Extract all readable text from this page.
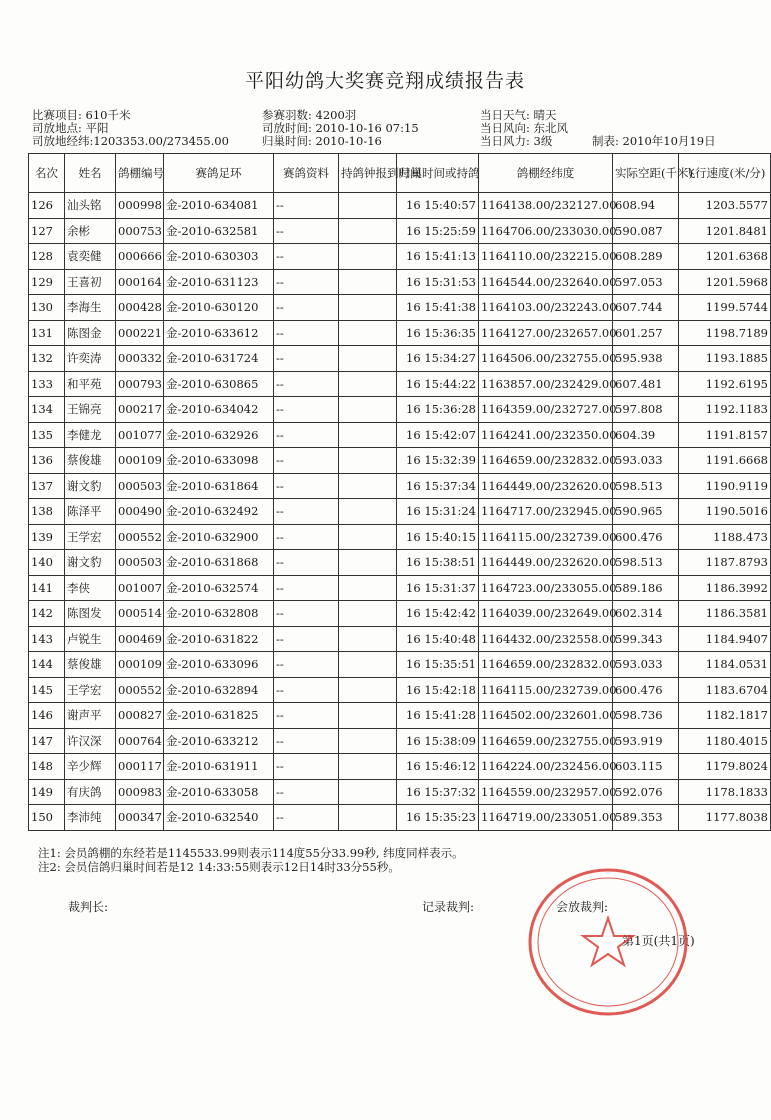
平阳幼鸽大奖赛竞翔成绩报告表
比赛项目: 610千米
司放地点: 平阳
司放地经纬:1203353.00/273455.00
参赛羽数: 4200羽
司放时间: 2010-10-16 07:15
归巢时间: 2010-10-16
当日天气: 晴天
当日风向: 东北风
当日风力: 3级	制表: 2010年10月19日
名次	姓名	鸽棚编号	赛鸽足环	赛鸽资料	持鸽钟报到时间	归巢时间或持鸽	鸽棚经纬度	实际空距(千米)	飞行速度(米/分)
126	汕头铭	000998	金-2010-634081	--		16 15:40:57	1164138.00/232127.00	608.94	1203.5577
127	余彬	000753	金-2010-632581	--		16 15:25:59	1164706.00/233030.00	590.087	1201.8481
128	袁奕健	000666	金-2010-630303	--		16 15:41:13	1164110.00/232215.00	608.289	1201.6368
129	王喜初	000164	金-2010-631123	--		16 15:31:53	1164544.00/232640.00	597.053	1201.5968
130	李海生	000428	金-2010-630120	--		16 15:41:38	1164103.00/232243.00	607.744	1199.5744
131	陈图金	000221	金-2010-633612	--		16 15:36:35	1164127.00/232657.00	601.257	1198.7189
132	许奕涛	000332	金-2010-631724	--		16 15:34:27	1164506.00/232755.00	595.938	1193.1885
133	和平苑	000793	金-2010-630865	--		16 15:44:22	1163857.00/232429.00	607.481	1192.6195
134	王锦亮	000217	金-2010-634042	--		16 15:36:28	1164359.00/232727.00	597.808	1192.1183
135	李健龙	001077	金-2010-632926	--		16 15:42:07	1164241.00/232350.00	604.39	1191.8157
136	蔡俊雄	000109	金-2010-633098	--		16 15:32:39	1164659.00/232832.00	593.033	1191.6668
137	谢文豹	000503	金-2010-631864	--		16 15:37:34	1164449.00/232620.00	598.513	1190.9119
138	陈泽平	000490	金-2010-632492	--		16 15:31:24	1164717.00/232945.00	590.965	1190.5016
139	王学宏	000552	金-2010-632900	--		16 15:40:15	1164115.00/232739.00	600.476	1188.473
140	谢文豹	000503	金-2010-631868	--		16 15:38:51	1164449.00/232620.00	598.513	1187.8793
141	李侠	001007	金-2010-632574	--		16 15:31:37	1164723.00/233055.00	589.186	1186.3992
142	陈图发	000514	金-2010-632808	--		16 15:42:42	1164039.00/232649.00	602.314	1186.3581
143	卢锐生	000469	金-2010-631822	--		16 15:40:48	1164432.00/232558.00	599.343	1184.9407
144	蔡俊雄	000109	金-2010-633096	--		16 15:35:51	1164659.00/232832.00	593.033	1184.0531
145	王学宏	000552	金-2010-632894	--		16 15:42:18	1164115.00/232739.00	600.476	1183.6704
146	谢声平	000827	金-2010-631825	--		16 15:41:28	1164502.00/232601.00	598.736	1182.1817
147	许汉深	000764	金-2010-633212	--		16 15:38:09	1164659.00/232755.00	593.919	1180.4015
148	辛少辉	000117	金-2010-631911	--		16 15:46:12	1164224.00/232456.00	603.115	1179.8024
149	有庆鸽	000983	金-2010-633058	--		16 15:37:32	1164559.00/232957.00	592.076	1178.1833
150	李沛纯	000347	金-2010-632540	--		16 15:35:23	1164719.00/233051.00	589.353	1177.8038
注1: 会员鸽棚的东经若是1145533.99则表示114度55分33.99秒, 纬度同样表示。
注2: 会员信鸽归巢时间若是12 14:33:55则表示12日14时33分55秒。
裁判长:	记录裁判:	会放裁判:
第1页(共1页)
